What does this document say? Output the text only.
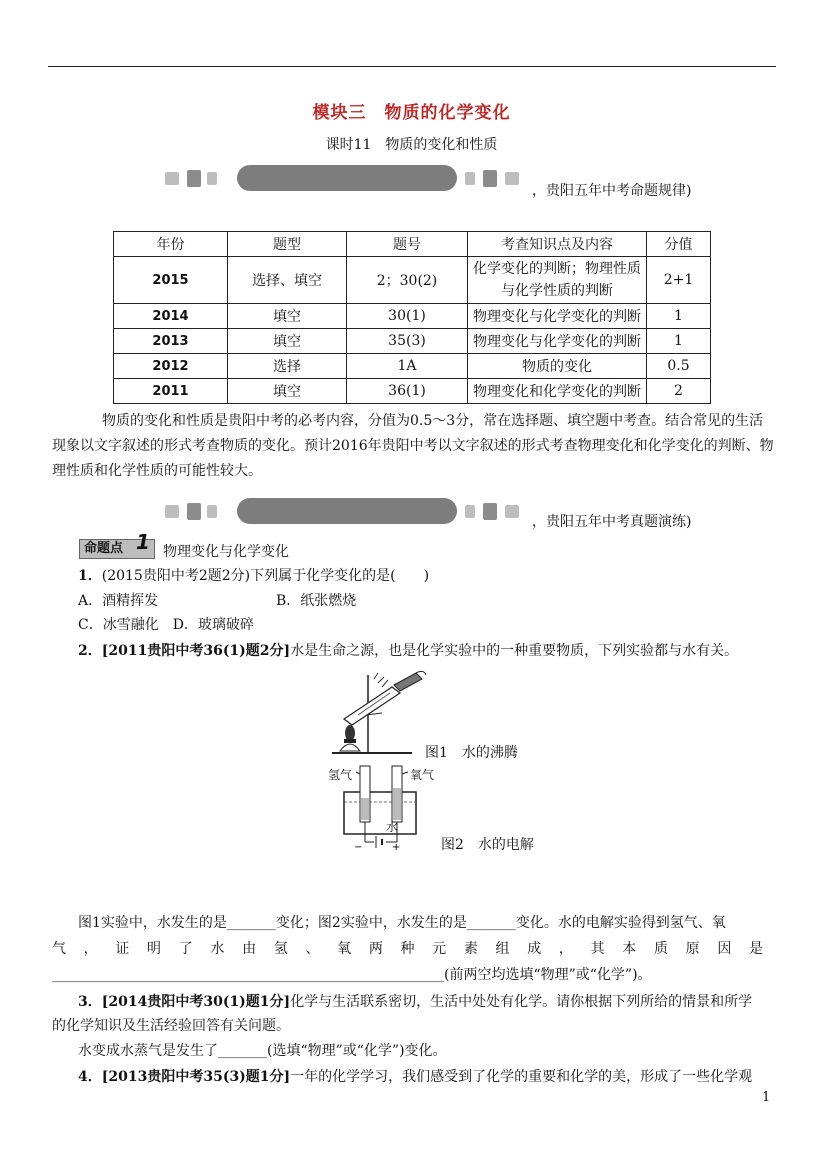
模块三　物质的化学变化
课时11　物质的变化和性质
，贵阳五年中考命题规律)
年份	题型	题号	考查知识点及内容	分值
2015	选择、填空	2；30(2)	化学变化的判断；物理性质
与化学性质的判断	2+1
2014	填空	30(1)	物理变化与化学变化的判断	1
2013	填空	35(3)	物理变化与化学变化的判断	1
2012	选择	1A	物质的变化	0.5
2011	填空	36(1)	物理变化和化学变化的判断	2
物质的变化和性质是贵阳中考的必考内容，分值为0.5～3分，常在选择题、填空题中考查。结合常见的生活现象以文字叙述的形式考查物质的变化。预计2016年贵阳中考以文字叙述的形式考查物理变化和化学变化的判断、物理性质和化学性质的可能性较大。
，贵阳五年中考真题演练)
命题点 1 物理变化与化学变化
1．(2015贵阳中考2题2分)下列属于化学变化的是(　　)
A．酒精挥发	B．纸张燃烧
C．冰雪融化　D．玻璃破碎
2．[2011贵阳中考36(1)题2分]水是生命之源，也是化学实验中的一种重要物质，下列实验都与水有关。
图1　水的沸腾
+
−
氢气	氧气
水
图2　水的电解
图1实验中，水发生的是_______变化；图2实验中，水发生的是_______变化。水的电解实验得到氢气、氧
气，证明了水由氢、氧两种元素组成，其本质原因是
________________________________________________________(前两空均选填“物理”或“化学”)。
3．[2014贵阳中考30(1)题1分]化学与生活联系密切，生活中处处有化学。请你根据下列所给的情景和所学
的化学知识及生活经验回答有关问题。
水变成水蒸气是发生了_______(选填“物理”或“化学”)变化。
4．[2013贵阳中考35(3)题1分]一年的化学学习，我们感受到了化学的重要和化学的美，形成了一些化学观
1
